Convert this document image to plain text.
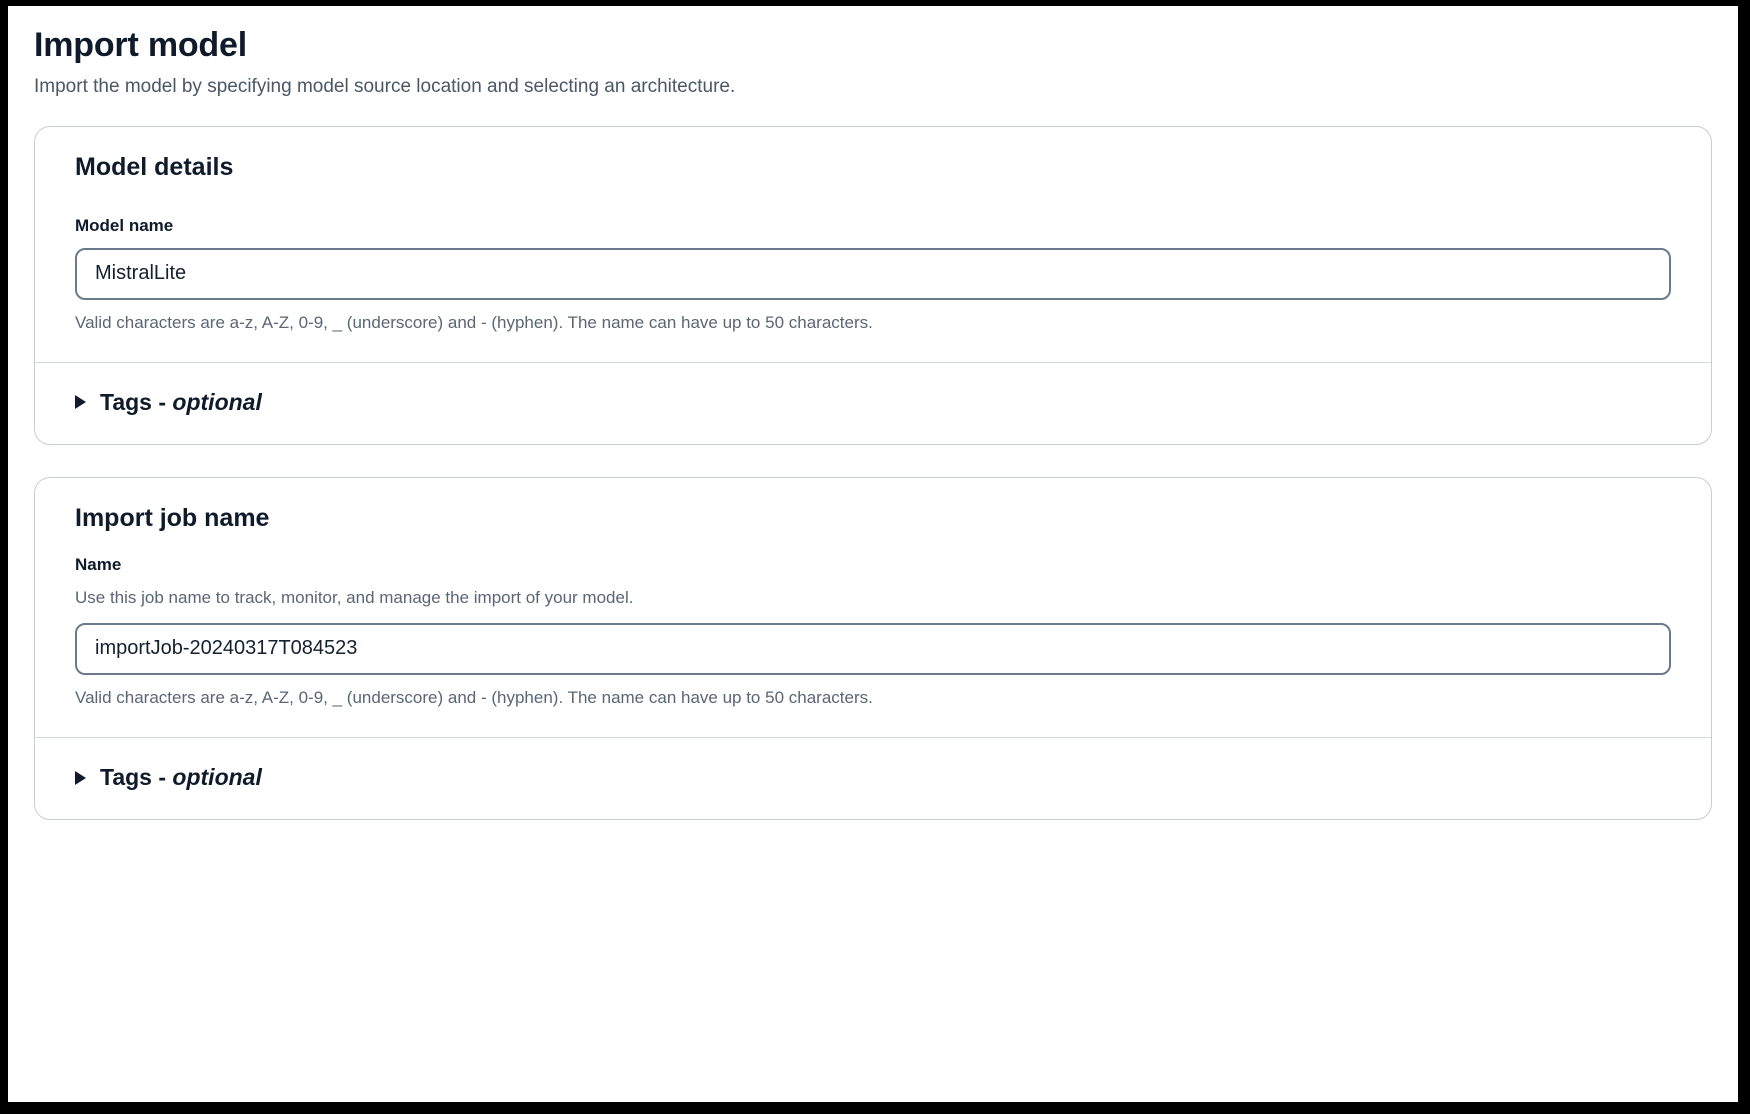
Import model

Import the model by specifying model source location and selecting an architecture.

Model details
Model name
MistralLite

Valid characters are a-z, A-Z, 0-9, _ (underscore) and - (hyphen). The name can have up to 50 characters.

Tags - optional
Import job name
Name

Use this job name to track, monitor, and manage the import of your model.

importJob-20240317T084523

Valid characters are a-z, A-Z, 0-9, _ (underscore) and - (hyphen). The name can have up to 50 characters.

Tags - optional
